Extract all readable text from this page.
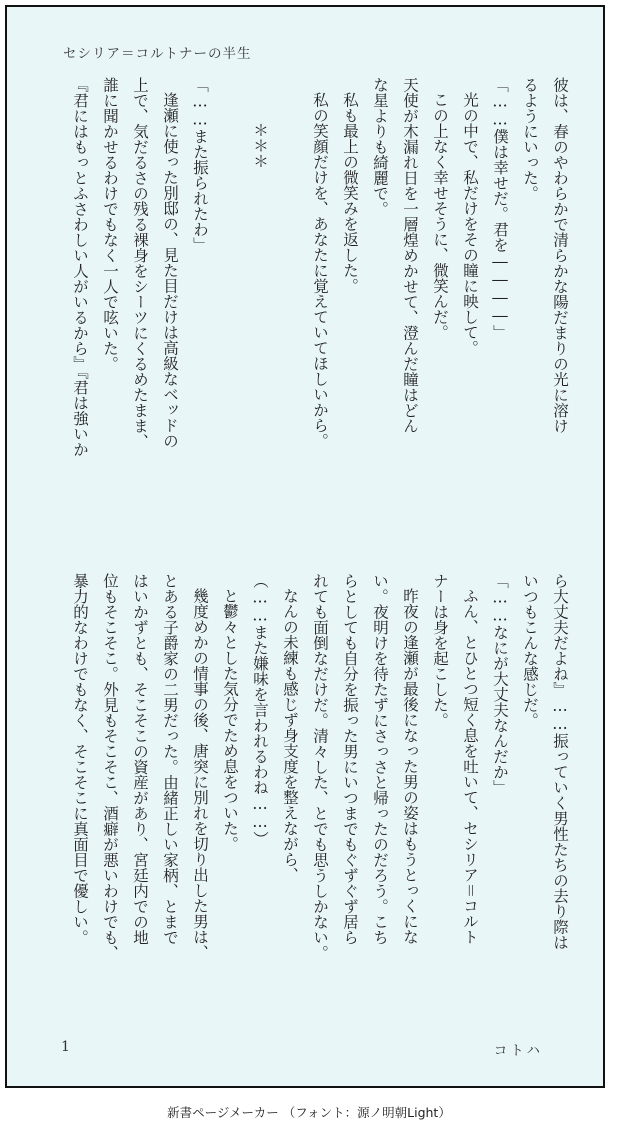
セシリア＝コルトナーの半生
彼は、春のやわらかで清らかな陽だまりの光に溶け
るようにいった。
「……僕は幸せだ。君を――――」
光の中で、私だけをその瞳に映して。
この上なく幸せそうに、微笑んだ。
天使が木漏れ日を一層煌めかせて、澄んだ瞳はどん
な星よりも綺麗で。
私も最上の微笑みを返した。
私の笑顔だけを、あなたに覚えていてほしいから。
＊＊＊
「……また振られたわ」
逢瀬に使った別邸の、見た目だけは高級なベッドの
上で、気だるさの残る裸身をシーツにくるめたまま、
誰に聞かせるわけでもなく一人で呟いた。
『君にはもっとふさわしい人がいるから』『君は強いか
ら大丈夫だよね』……振っていく男性たちの去り際は
いつもこんな感じだ。
「……なにが大丈夫なんだか」
ふん、とひとつ短く息を吐いて、セシリア＝コルト
ナーは身を起こした。
昨夜の逢瀬が最後になった男の姿はもうとっくにな
い。夜明けを待たずにさっさと帰ったのだろう。こち
らとしても自分を振った男にいつまでもぐずぐず居ら
れても面倒なだけだ。清々した、とでも思うしかない。
なんの未練も感じず身支度を整えながら、
（……また嫌味を言われるわね……）
と鬱々とした気分でため息をついた。
幾度めかの情事の後、唐突に別れを切り出した男は、
とある子爵家の二男だった。由緒正しい家柄、とまで
はいかずとも、そこそこの資産があり、宮廷内での地
位もそこそこ。外見もそこそこ、酒癖が悪いわけでも、
暴力的なわけでもなく、そこそこに真面目で優しい。
1	コトハ
新書ページメーカー （フォント：源ノ明朝Light）
